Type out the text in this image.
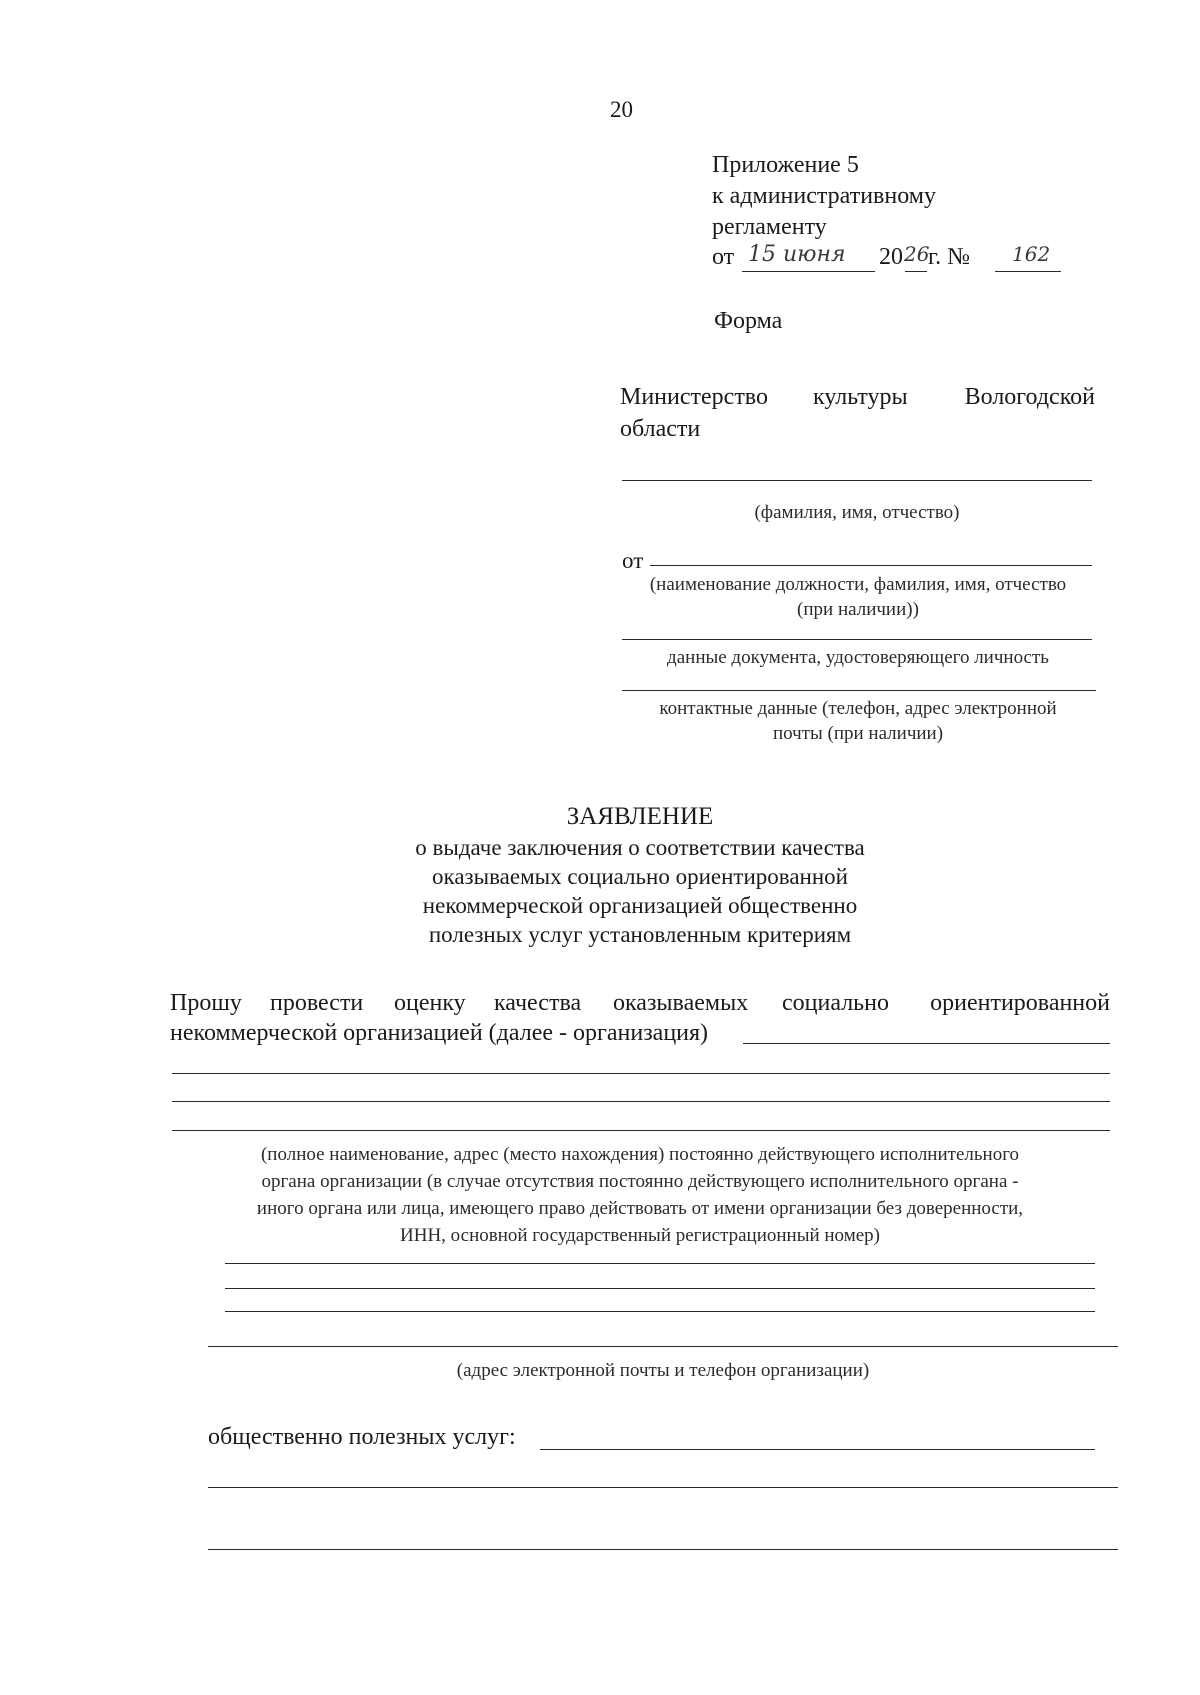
20
Приложение 5
к административному
регламенту
от 15 июня 20 26
г. № 162
Форма
Министерство культуры Вологодской
области
(фамилия, имя, отчество)
от
(наименование должности, фамилия, имя, отчество
(при наличии))
данные документа, удостоверяющего личность
контактные данные (телефон, адрес электронной
почты (при наличии)
ЗАЯВЛЕНИЕ
о выдаче заключения о соответствии качества
оказываемых социально ориентированной
некоммерческой организацией общественно
полезных услуг установленным критериям
Прошу провести оценку качества оказываемых социально ориентированной
некоммерческой организацией (далее - организация)
(полное наименование, адрес (место нахождения) постоянно действующего исполнительного
органа организации (в случае отсутствия постоянно действующего исполнительного органа -
иного органа или лица, имеющего право действовать от имени организации без доверенности,
ИНН, основной государственный регистрационный номер)
(адрес электронной почты и телефон организации)
общественно полезных услуг:
